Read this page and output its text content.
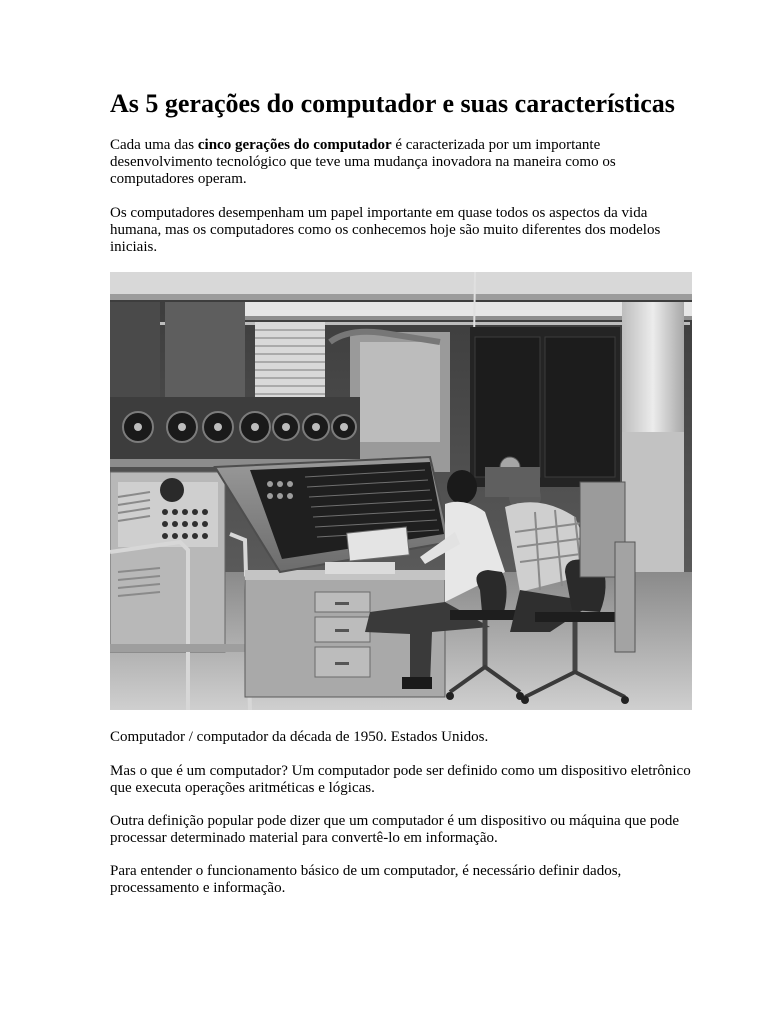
As 5 gerações do computador e suas características

Cada uma das cinco gerações do computador é caracterizada por um importante desenvolvimento tecnológico que teve uma mudança inovadora na maneira como os computadores operam.

Os computadores desempenham um papel importante em quase todos os aspectos da vida humana, mas os computadores como os conhecemos hoje são muito diferentes dos modelos iniciais.

Computador / computador da década de 1950. Estados Unidos.

Mas o que é um computador? Um computador pode ser definido como um dispositivo eletrônico que executa operações aritméticas e lógicas.

Outra definição popular pode dizer que um computador é um dispositivo ou máquina que pode processar determinado material para convertê-lo em informação.

Para entender o funcionamento básico de um computador, é necessário definir dados, processamento e informação.
